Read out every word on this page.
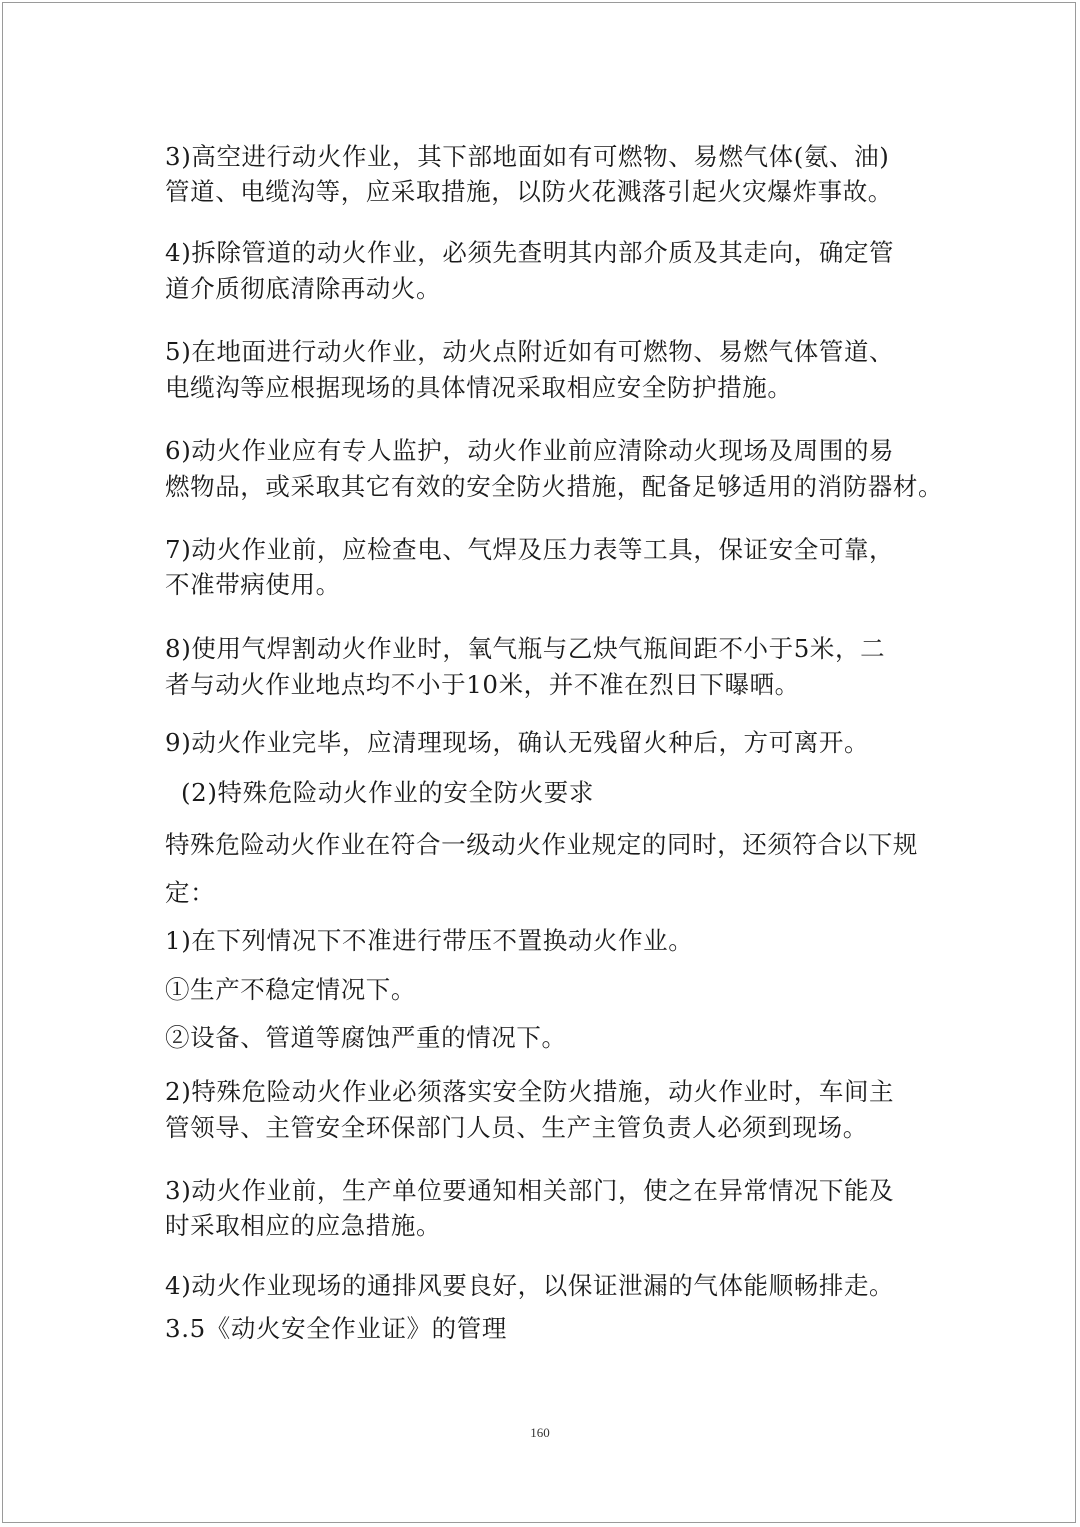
3)高空进行动火作业，其下部地面如有可燃物、易燃气体(氨、油)
管道、电缆沟等，应采取措施，以防火花溅落引起火灾爆炸事故。
4)拆除管道的动火作业，必须先查明其内部介质及其走向，确定管
道介质彻底清除再动火。
5)在地面进行动火作业，动火点附近如有可燃物、易燃气体管道、
电缆沟等应根据现场的具体情况采取相应安全防护措施。
6)动火作业应有专人监护，动火作业前应清除动火现场及周围的易
燃物品，或采取其它有效的安全防火措施，配备足够适用的消防器材。
7)动火作业前，应检查电、气焊及压力表等工具，保证安全可靠，
不准带病使用。
8)使用气焊割动火作业时，氧气瓶与乙炔气瓶间距不小于5米，二
者与动火作业地点均不小于10米，并不准在烈日下曝晒。
9)动火作业完毕，应清理现场，确认无残留火种后，方可离开。
(2)特殊危险动火作业的安全防火要求
特殊危险动火作业在符合一级动火作业规定的同时，还须符合以下规
定：
1)在下列情况下不准进行带压不置换动火作业。
①生产不稳定情况下。
②设备、管道等腐蚀严重的情况下。
2)特殊危险动火作业必须落实安全防火措施，动火作业时，车间主
管领导、主管安全环保部门人员、生产主管负责人必须到现场。
3)动火作业前，生产单位要通知相关部门，使之在异常情况下能及
时采取相应的应急措施。
4)动火作业现场的通排风要良好，以保证泄漏的气体能顺畅排走。
3.5《动火安全作业证》的管理
160
